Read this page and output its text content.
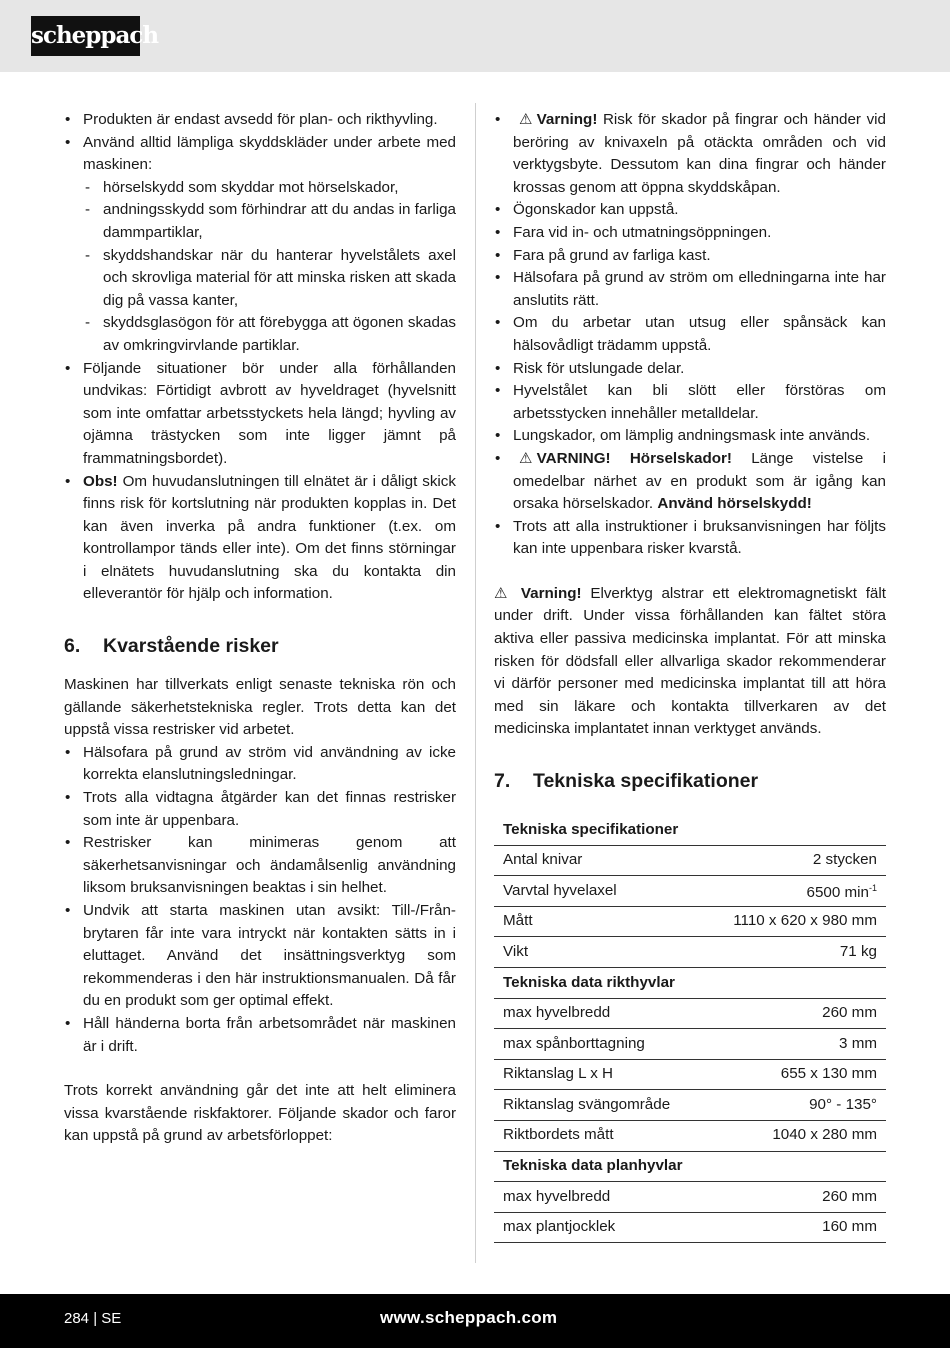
scheppach
• Produkten är endast avsedd för plan- och rikthyvling.
• Använd alltid lämpliga skyddskläder under arbete med maskinen:
- hörselskydd som skyddar mot hörselskador,
- andningsskydd som förhindrar att du andas in farliga dammpartiklar,
- skyddshandskar när du hanterar hyvelstålets axel och skrovliga material för att minska risken att skada dig på vassa kanter,
- skyddsglasögon för att förebygga att ögonen skadas av omkringvirvlande partiklar.
• Följande situationer bör under alla förhållanden undvikas: Förtidigt avbrott av hyveldraget (hyvelsnitt som inte omfattar arbetsstyckets hela längd; hyvling av ojämna trästycken som inte ligger jämnt på frammatningsbordet).
• Obs! Om huvudanslutningen till elnätet är i dåligt skick finns risk för kortslutning när produkten kopplas in. Det kan även inverka på andra funktioner (t.ex. om kontrollampor tänds eller inte). Om det finns störningar i elnätets huvudanslutning ska du kontakta din elleverantör för hjälp och information.
6.	Kvarstående risker

Maskinen har tillverkats enligt senaste tekniska rön och gällande säkerhetstekniska regler. Trots detta kan det uppstå vissa restrisker vid arbetet.

• Hälsofara på grund av ström vid användning av icke korrekta elanslutningsledningar.
• Trots alla vidtagna åtgärder kan det finnas restrisker som inte är uppenbara.
• Restrisker kan minimeras genom att säkerhetsanvisningar och ändamålsenlig användning liksom bruksanvisningen beaktas i sin helhet.
• Undvik att starta maskinen utan avsikt: Till-/Från-brytaren får inte vara intryckt när kontakten sätts in i eluttaget. Använd det insättningsverktyg som rekommenderas i den här instruktionsmanualen. Då får du en produkt som ger optimal effekt.
• Håll händerna borta från arbetsområdet när maskinen är i drift.

Trots korrekt användning går det inte att helt eliminera vissa kvarstående riskfaktorer. Följande skador och faror kan uppstå på grund av arbetsförloppet:

• ⚠ Varning! Risk för skador på fingrar och händer vid beröring av knivaxeln på otäckta områden och vid verktygsbyte. Dessutom kan dina fingrar och händer krossas genom att öppna skyddskåpan.
• Ögonskador kan uppstå.
• Fara vid in- och utmatningsöppningen.
• Fara på grund av farliga kast.
• Hälsofara på grund av ström om elledningarna inte har anslutits rätt.
• Om du arbetar utan utsug eller spånsäck kan hälsovådligt trädamm uppstå.
• Risk för utslungade delar.
• Hyvelstålet kan bli slött eller förstöras om arbetsstycken innehåller metalldelar.
• Lungskador, om lämplig andningsmask inte används.
• ⚠ VARNING! Hörselskador! Länge vistelse i omedelbar närhet av en produkt som är igång kan orsaka hörselskador. Använd hörselskydd!
• Trots att alla instruktioner i bruksanvisningen har följts kan inte uppenbara risker kvarstå.

⚠ Varning! Elverktyg alstrar ett elektromagnetiskt fält under drift. Under vissa förhållanden kan fältet störa aktiva eller passiva medicinska implantat. För att minska risken för dödsfall eller allvarliga skador rekommenderar vi därför personer med medicinska implantat till att höra med sin läkare och kontakta tillverkaren av det medicinska implantatet innan verktyget används.

7.	Tekniska specifikationer
Tekniska specifikationer	
Antal knivar	2 stycken
Varvtal hyvelaxel	6500 $\min^{-1}$
Mått	1110 x 620 x 980 mm
Vikt	71 kg
Tekniska data rikthyvlar	
max hyvelbredd	260 mm
max spånborttagning	3 mm
Riktanslag L x H	655 x 130 mm
Riktanslag svängområde	90° - 135°
Riktbordets mått	1040 x 280 mm
Tekniska data planhyvlar	
max hyvelbredd	260 mm
max plantjocklek	160 mm
284 | SE	www.scheppach.com
